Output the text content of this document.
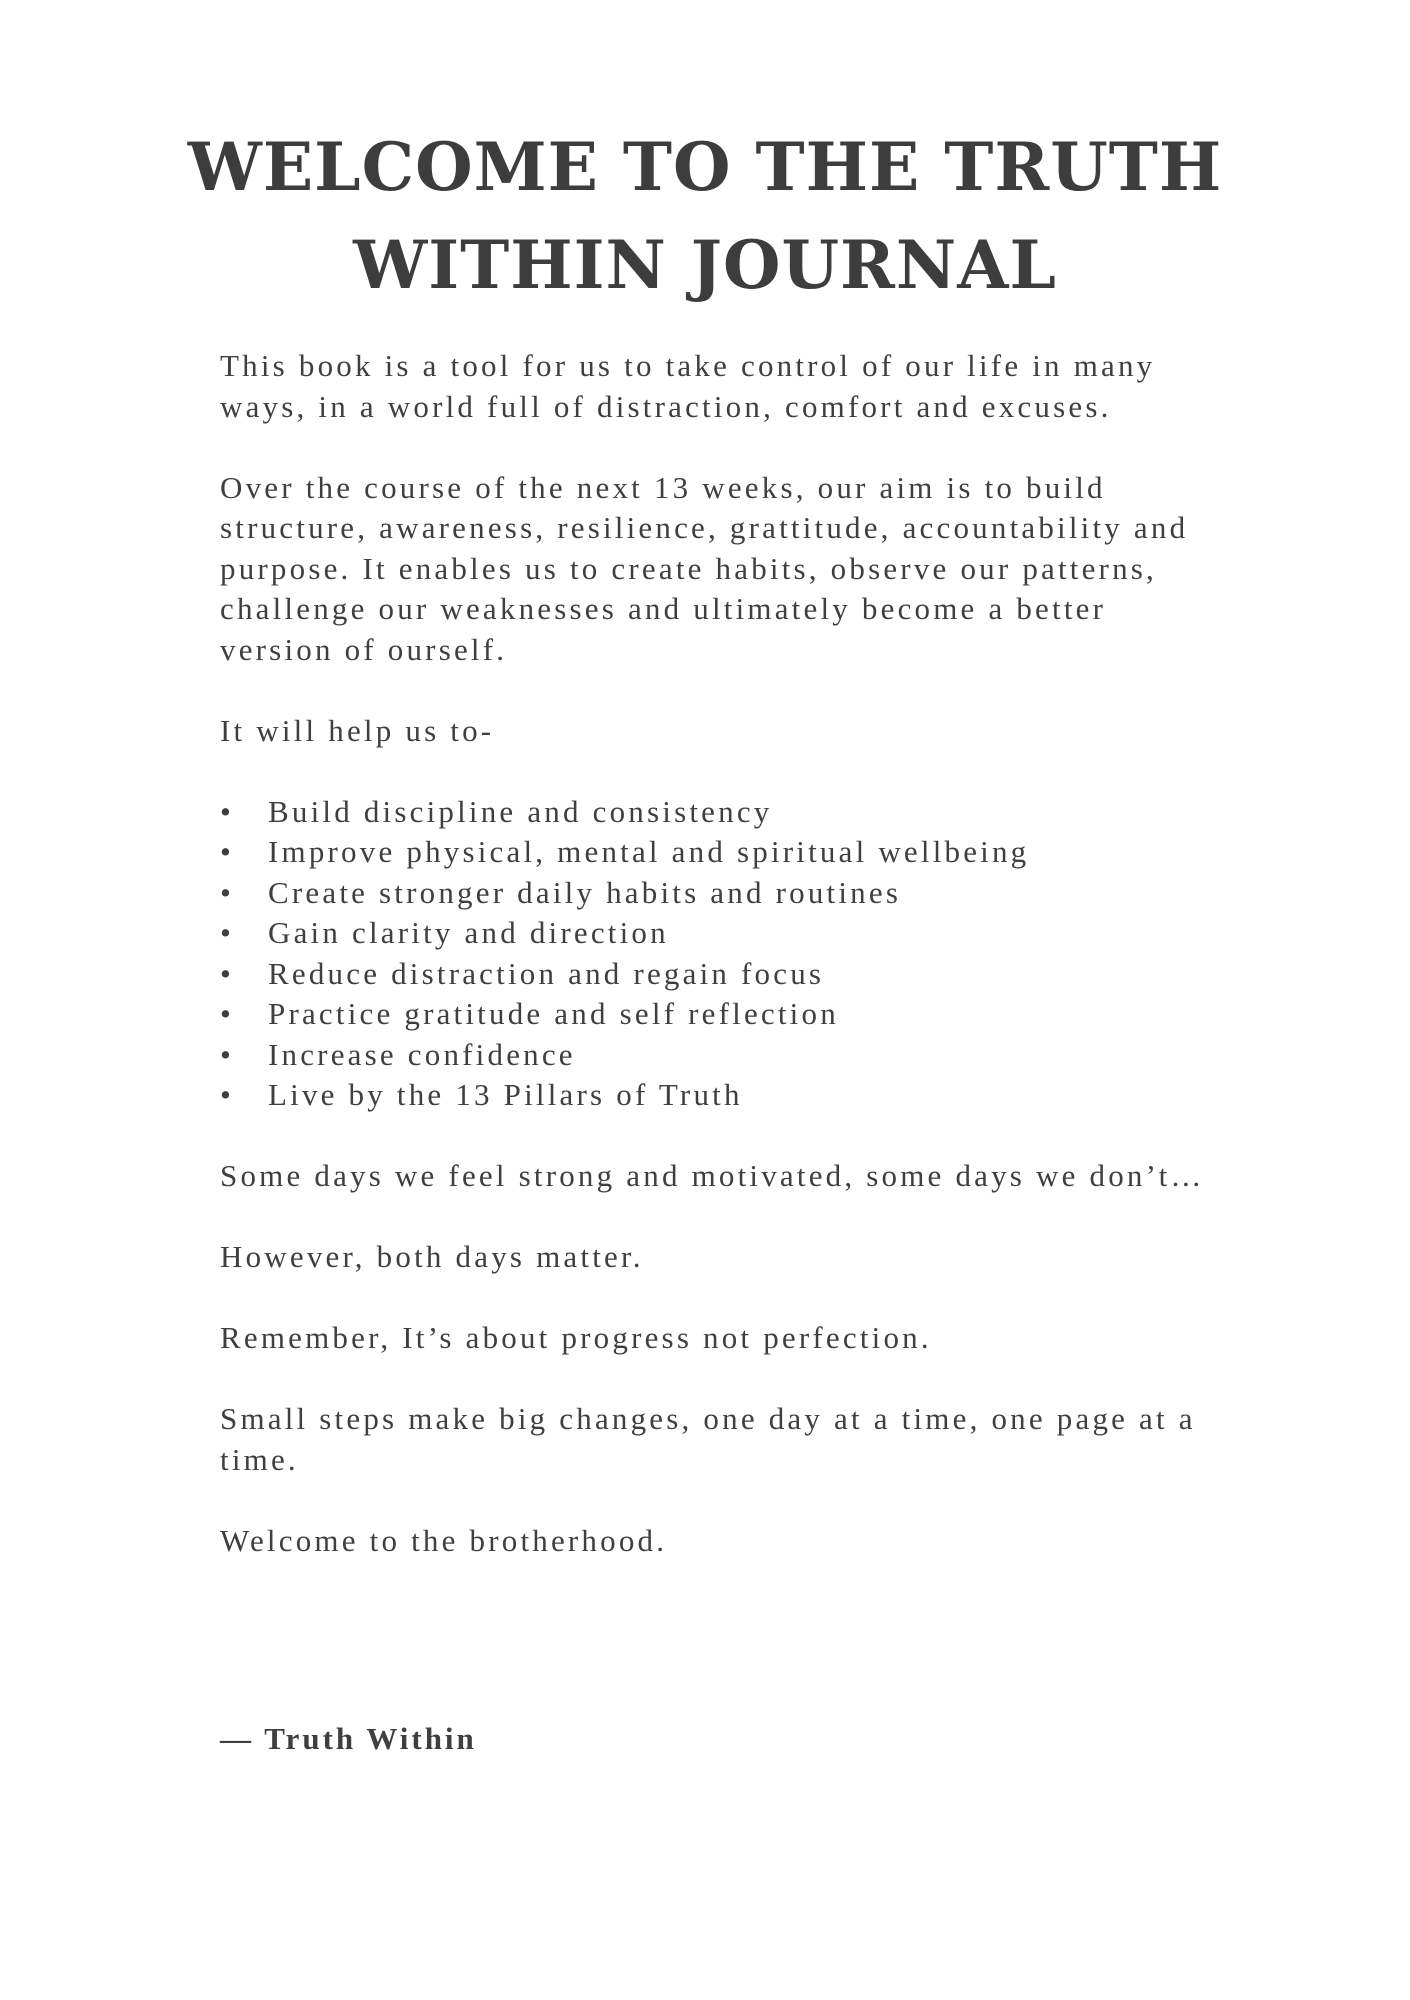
WELCOME TO THE TRUTH WITHIN JOURNAL

This book is a tool for us to take control of our life in many ways, in a world full of distraction, comfort and excuses.

Over the course of the next 13 weeks, our aim is to build structure, awareness, resilience, grattitude, accountability and purpose. It enables us to create habits, observe our patterns, challenge our weaknesses and ultimately become a better version of ourself.

It will help us to-

•	Build discipline and consistency
•	Improve physical, mental and spiritual wellbeing
•	Create stronger daily habits and routines
•	Gain clarity and direction
•	Reduce distraction and regain focus
•	Practice gratitude and self reflection
•	Increase confidence
•	Live by the 13 Pillars of Truth

Some days we feel strong and motivated, some days we don’t…

However, both days matter.

Remember, It’s about progress not perfection.

Small steps make big changes, one day at a time, one page at a time.

Welcome to the brotherhood.

— Truth Within
